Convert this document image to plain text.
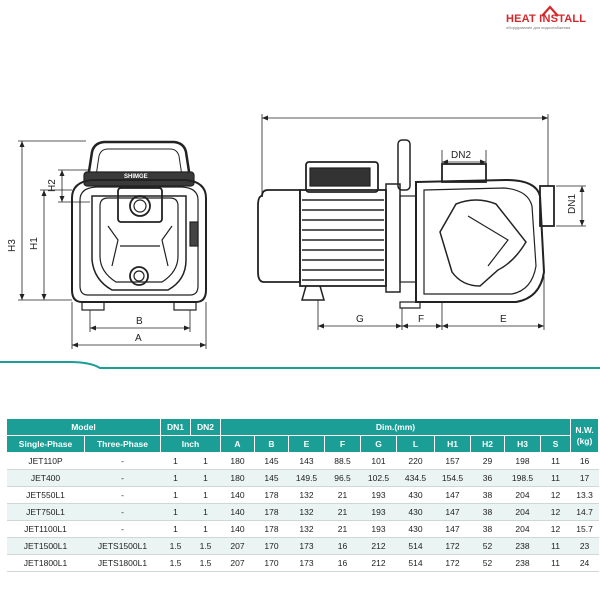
HEAT INSTALL
оборудование для водоснабжения
SHIMGE
H3 H1
H2
B
A
DN2
DN1
G	F	E
Model		DN1	DN2	Dim.(mm)										N.W.
(kg)
Single-Phase	Three-Phase	Inch		A	B	E	F	G	L	H1	H2	H3	S	
JET110P	-	1	1	180	145	143	88.5	101	220	157	29	198	11	16
JET400	-	1	1	180	145	149.5	96.5	102.5	434.5	154.5	36	198.5	11	17
JET550L1	-	1	1	140	178	132	21	193	430	147	38	204	12	13.3
JET750L1	-	1	1	140	178	132	21	193	430	147	38	204	12	14.7
JET1100L1	-	1	1	140	178	132	21	193	430	147	38	204	12	15.7
JET1500L1	JETS1500L1	1.5	1.5	207	170	173	16	212	514	172	52	238	11	23
JET1800L1	JETS1800L1	1.5	1.5	207	170	173	16	212	514	172	52	238	11	24
